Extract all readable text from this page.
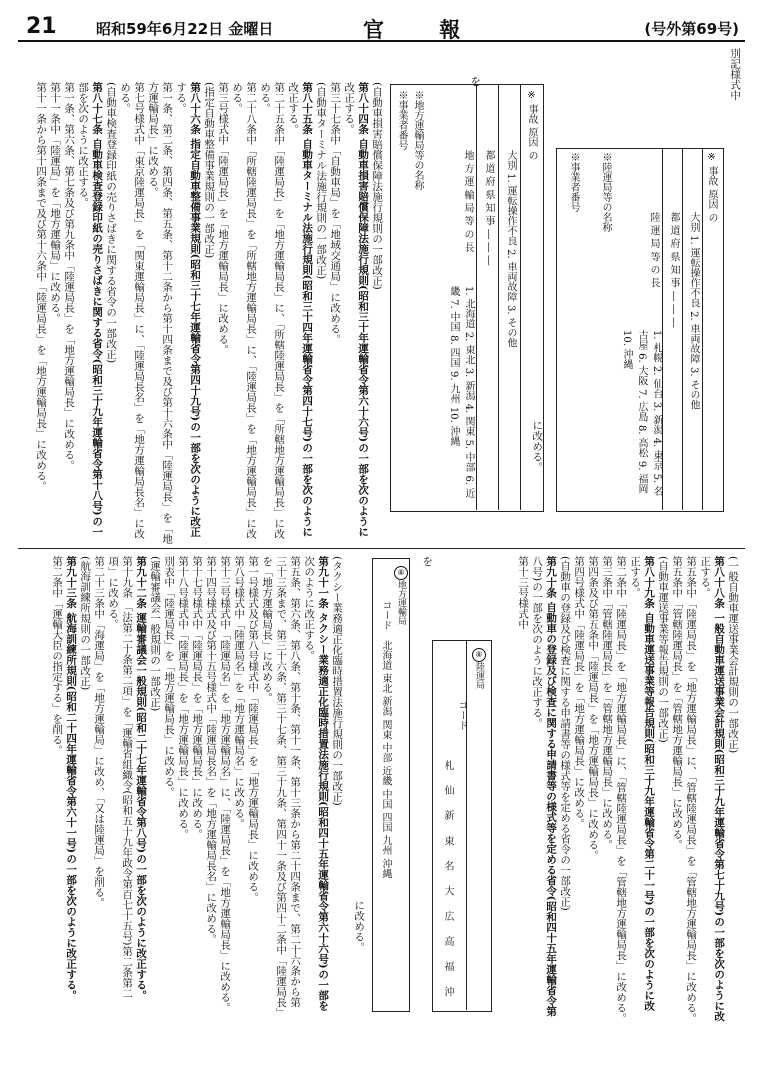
21	昭和59年6月22日 金曜日	官 報	(号外第69号)
別記様式中
※ 事故 原因 の
大別 1. 運転操作不良 2. 車両故障 3. その他
都 道 府 県 知 事 ― ― ―
陸 運 局 等 の 長
1. 札幌 2. 仙台 3. 新潟 4. 東京 5. 名古屋 6. 大阪 7. 広島 8. 高松 9. 福岡 10. 沖縄
※陸運局等の名称
※事業者番号
に改める。
※ 事故 原因 の
大別 1. 運転操作不良 2. 車両故障 3. その他
都 道 府 県 知 事 ― ― ―
地 方 運 輸 局 等 の 長
1. 北海道 2. 東北 3. 新潟 4. 関東 5. 中部 6. 近畿 7. 中国 8. 四国 9. 九州 10. 沖縄
※地方運輸局等の名称
※事業者番号
を
(自動車損害賠償保障法施行規則の一部改正)
第八十四条 自動車損害賠償保障法施行規則(昭和三十年運輸省令第六十六号)の一部を次のように
改正する。
第三十七条中「自動車局」を「地域交通局」に改める。
(自動車ターミナル法施行規則の一部改正)
第八十五条 自動車ターミナル法施行規則(昭和三十四年運輸省令第四十七号)の一部を次のように
改正する。
第二十五条中「陸運局長」を「地方運輸局長」に、「所轄陸運局長」を「所轄地方運輸局長」に改
める。
第二十八条中「所轄陸運局長」を「所轄地方運輸局長」に、「陸運局長」を「地方運輸局長」に改
める。
第三号様式中「陸運局長」を「地方運輸局長」に改める。
(指定自動車整備事業規則の一部改正)
第八十六条 指定自動車整備事業規則(昭和三十七年運輸省令第四十九号)の一部を次のように改正
する。
第一条、第二条、第四条、第五条、第十二条から第十四条まで及び第十六条中「陸運局長」を「地
方運輸局長」に改める。
第七号様式中「東京陸運局長」を「関東運輸局長」に、「陸運局長名」を「地方運輸局長名」に改
める。
(自動車検査登録印紙の売りさばきに関する省令の一部改正)
第八十七条 自動車検査登録印紙の売りさばきに関する省令(昭和三十九年運輸省令第十八号)の一
部を次のように改正する。
第一条、第六条、第七条及び第九条中「陸運局長」を「地方運輸局長」に改める。
第十一条中「陸運局」を「地方運輸局」に改める。
第十一条から第十四条まで及び第十六条中「陸運局長」を「地方運輸局長」に改める。
(一般自動車運送事業会計規則の一部改正)
第八十八条 一般自動車運送事業会計規則(昭和三十九年運輸省令第七十九号)の一部を次のように改
正する。
第五条中「陸運局長」を「地方運輸局長」に、「管轄陸運局長」を「管轄地方運輸局長」に改める。
第五条中「管轄陸運局長」を「管轄地方運輸局長」に改める。
(自動車運送事業等報告規則の一部改正)
第八十九条 自動車運送事業等報告規則(昭和三十九年運輸省令第二十一号)の一部を次のように改
正する。
第二条中「陸運局長」を「地方運輸局長」に、「管轄陸運局長」を「管轄地方運輸局長」に改める。
第三条中「管轄陸運局長」を「管轄地方運輸局長」に改める。
第四条及び第五条中「陸運局長」を「地方運輸局長」に改める。
第四号様式中「陸運局長」を「地方運輸局長」に改める。
(自動車の登録及び検査に関する申請書等の様式等を定める省令の一部改正)
第九十条 自動車の登録及び検査に関する申請書等の様式等を定める省令(昭和四十五年運輸省令第
八号)の一部を次のように改正する。
第十三号様式中
⑧陸運局
コード
札 仙 新 東 名 大 広 高 福 沖
を
⑧地方運輸局
コード
北海道 東北 新潟 関東 中部 近畿 中国 四国 九州 沖縄
に改める。
(タクシー業務適正化臨時措置法施行規則の一部改正)
第九十一条 タクシー業務適正化臨時措置法施行規則(昭和四十五年運輸省令第六十六号)の一部を
次のように改正する。
第五条、第六条、第八条、第十条、第十一条、第十三条から第二十四条まで、第二十六条から第
三十三条まで、第三十六条、第三十七条、第三十九条、第四十一条及び第四十二条中「陸運局長」
を「地方運輸局長」に改める。
第一号様式及び第八号様式中「陸運局長」を「地方運輸局長」に改める。
第八号様式中「陸運局名」を「地方運輸局名」に改める。
第十三号様式中「陸運局名」を「地方運輸局名」に、「陸運局長」を「地方運輸局長」に改める。
第十四号様式及び第十五号様式中「陸運局長名」を「地方運輸局長名」に改める。
第十七号様式中「陸運局長」を「地方運輸局長」に改める。
第十八号様式中「陸運局長」を「地方運輸局長」に改める。
別表中「陸運局長」を「地方運輸局長」に改める。
(運輸審議会一般規則の一部改正)
第九十二条 運輸審議会一般規則(昭和二十七年運輸省令第八号)の一部を次のように改正する。
第十九条 「法第二十条第二項」を「運輸省組織令(昭和五十九年政令第百七十五号)第二条第二
項」に改める。
第二十三条中「海運局」を「地方運輸局」に改め、「又は陸運局」を削る。
(航海訓練所規則の一部改正)
第九十三条 航海訓練所規則(昭和二十四年運輸省令第六十一号)の一部を次のように改正する。
第二条中「運輸大臣の指定する」を削る。
